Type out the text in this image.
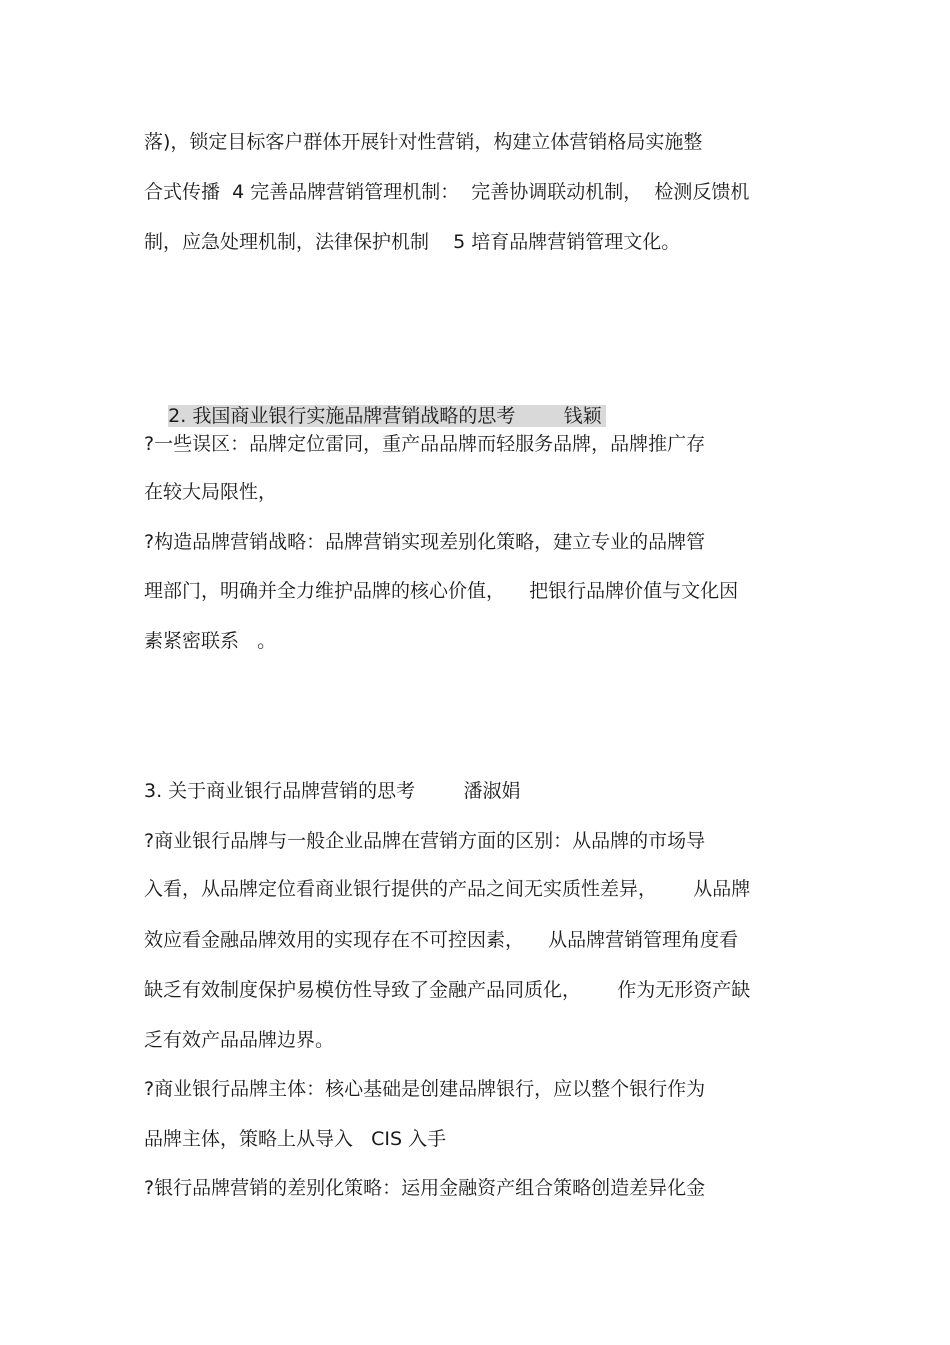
落)，锁定目标客户群体开展针对性营销，构建立体营销格局实施整
合式传播  4 完善品牌营销管理机制：  完善协调联动机制，  检测反馈机
制，应急处理机制，法律保护机制    5 培育品牌营销管理文化。

2. 我国商业银行实施品牌营销战略的思考        钱颖

?一些误区：品牌定位雷同，重产品品牌而轻服务品牌，品牌推广存
在较大局限性，
?构造品牌营销战略：品牌营销实现差别化策略，建立专业的品牌管
理部门，明确并全力维护品牌的核心价值，    把银行品牌价值与文化因
素紧密联系   。
3. 关于商业银行品牌营销的思考        潘淑娟
?商业银行品牌与一般企业品牌在营销方面的区别：从品牌的市场导
入看，从品牌定位看商业银行提供的产品之间无实质性差异，      从品牌
效应看金融品牌效用的实现存在不可控因素，    从品牌营销管理角度看
缺乏有效制度保护易模仿性导致了金融产品同质化，      作为无形资产缺
乏有效产品品牌边界。
?商业银行品牌主体：核心基础是创建品牌银行，应以整个银行作为
品牌主体，策略上从导入   CIS 入手
?银行品牌营销的差别化策略：运用金融资产组合策略创造差异化金
